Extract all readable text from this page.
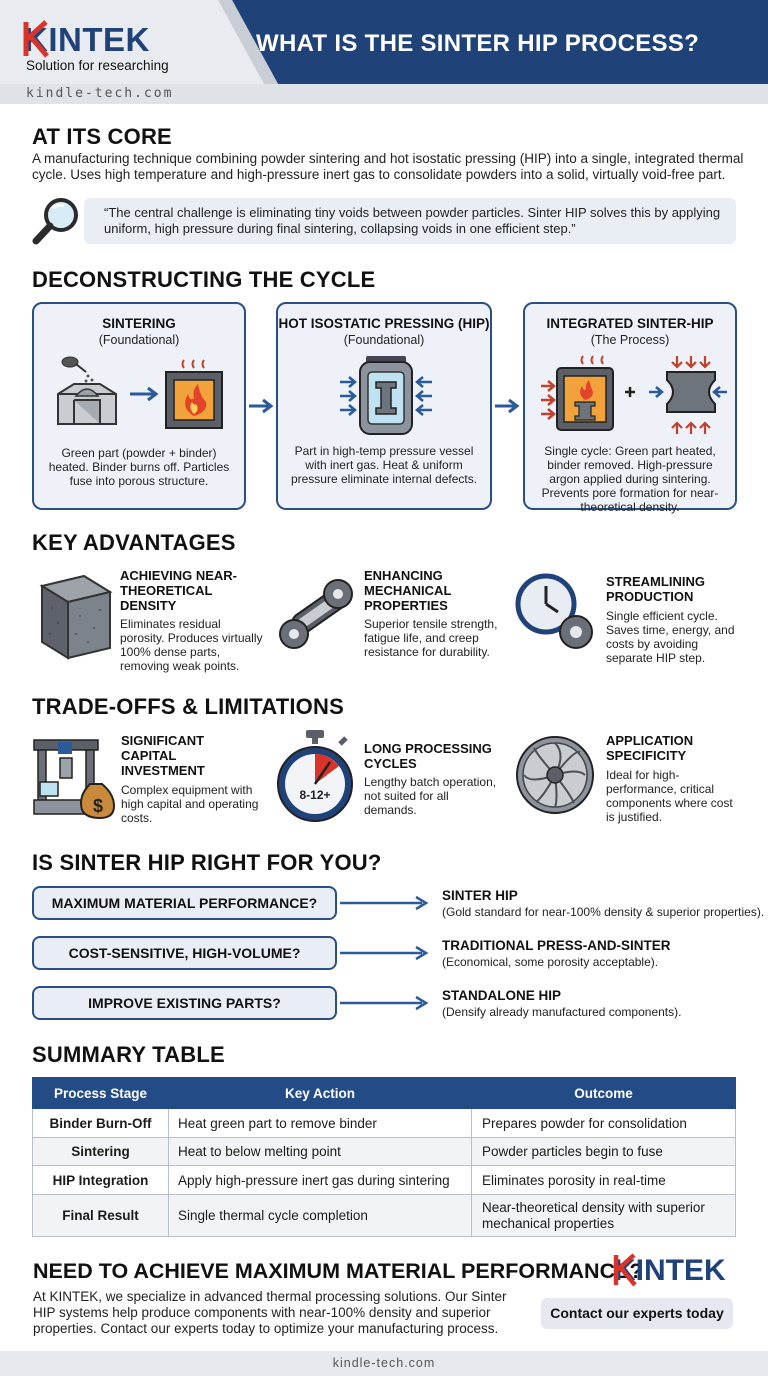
KINTEK
Solution for researching
kindle-tech.com
WHAT IS THE SINTER HIP PROCESS?
AT ITS CORE
A manufacturing technique combining powder sintering and hot isostatic pressing (HIP) into a single, integrated thermal cycle. Uses high temperature and high-pressure inert gas to consolidate powders into a solid, virtually void-free part.
“The central challenge is eliminating tiny voids between powder particles. Sinter HIP solves this by applying uniform, high pressure during final sintering, collapsing voids in one efficient step.”
DECONSTRUCTING THE CYCLE
SINTERING
(Foundational)
Green part (powder + binder) heated. Binder burns off. Particles fuse into porous structure.
HOT ISOSTATIC PRESSING (HIP)
(Foundational)
Part in high-temp pressure vessel with inert gas. Heat & uniform pressure eliminate internal defects.
INTEGRATED SINTER-HIP
(The Process)
Single cycle: Green part heated, binder removed. High-pressure argon applied during sintering. Prevents pore formation for near-theoretical density.
KEY ADVANTAGES
ACHIEVING NEAR-THEORETICAL DENSITY
Eliminates residual porosity. Produces virtually 100% dense parts, removing weak points.
ENHANCING MECHANICAL PROPERTIES
Superior tensile strength, fatigue life, and creep resistance for durability.
STREAMLINING PRODUCTION
Single efficient cycle. Saves time, energy, and costs by avoiding separate HIP step.
TRADE-OFFS & LIMITATIONS
$
SIGNIFICANT CAPITAL INVESTMENT
Complex equipment with high capital and operating costs.
8-12+
LONG PROCESSING CYCLES
Lengthy batch operation, not suited for all demands.
APPLICATION SPECIFICITY
Ideal for high-performance, critical components where cost is justified.
IS SINTER HIP RIGHT FOR YOU?
MAXIMUM MATERIAL PERFORMANCE?	SINTER HIP
(Gold standard for near-100% density & superior properties).
COST-SENSITIVE, HIGH-VOLUME?	TRADITIONAL PRESS-AND-SINTER
(Economical, some porosity acceptable).
IMPROVE EXISTING PARTS?	STANDALONE HIP
(Densify already manufactured components).
SUMMARY TABLE
Process Stage	Key Action	Outcome
Binder Burn-Off	Heat green part to remove binder	Prepares powder for consolidation
Sintering	Heat to below melting point	Powder particles begin to fuse
HIP Integration	Apply high-pressure inert gas during sintering	Eliminates porosity in real-time
Final Result	Single thermal cycle completion	Near-theoretical density with superior mechanical properties
NEED TO ACHIEVE MAXIMUM MATERIAL PERFORMANCE?
KINTEK
At KINTEK, we specialize in advanced thermal processing solutions. Our Sinter HIP systems help produce components with near-100% density and superior properties. Contact our experts today to optimize your manufacturing process.
Contact our experts today
kindle-tech.com
